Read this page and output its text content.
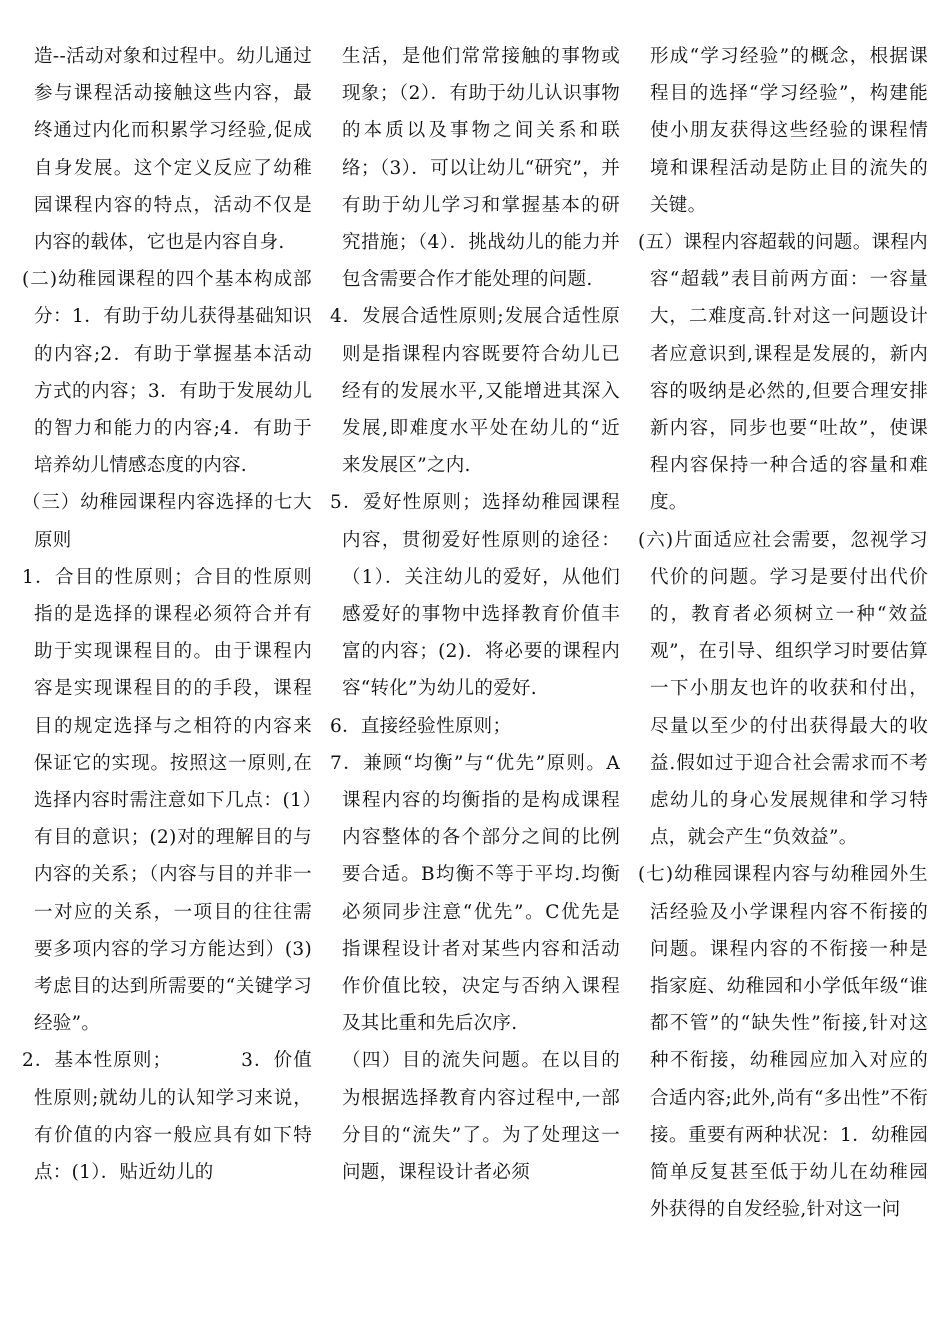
造--活动对象和过程中。幼儿通过参与课程活动接触这些内容，最终通过内化而积累学习经验,促成自身发展。这个定义反应了幼稚园课程内容的特点，活动不仅是内容的载体，它也是内容自身.

(二)幼稚园课程的四个基本构成部分：1．有助于幼儿获得基础知识的内容;2．有助于掌握基本活动方式的内容；3．有助于发展幼儿的智力和能力的内容;4．有助于培养幼儿情感态度的内容.

（三）幼稚园课程内容选择的七大原则

1．合目的性原则；合目的性原则指的是选择的课程必须符合并有助于实现课程目的。由于课程内容是实现课程目的的手段，课程目的规定选择与之相符的内容来保证它的实现。按照这一原则,在选择内容时需注意如下几点：(1）有目的意识；(2)对的理解目的与内容的关系；（内容与目的并非一一对应的关系，一项目的往往需要多项内容的学习方能达到）(3)考虑目的达到所需要的“关键学习经验”。

2．基本性原则；          3．价值性原则;就幼儿的认知学习来说，有价值的内容一般应具有如下特点：(1）．贴近幼儿的

生活，是他们常常接触的事物或现象；（2）．有助于幼儿认识事物的本质以及事物之间关系和联络；（3）．可以让幼儿“研究”，并有助于幼儿学习和掌握基本的研究措施；（4）．挑战幼儿的能力并包含需要合作才能处理的问题.

4．发展合适性原则;发展合适性原则是指课程内容既要符合幼儿已经有的发展水平,又能增进其深入发展,即难度水平处在幼儿的“近来发展区”之内.

5．爱好性原则；选择幼稚园课程内容，贯彻爱好性原则的途径：（1）．关注幼儿的爱好，从他们感爱好的事物中选择教育价值丰富的内容；(2)．将必要的课程内容“转化”为幼儿的爱好.

6．直接经验性原则；

7．兼顾“均衡”与“优先”原则。A课程内容的均衡指的是构成课程内容整体的各个部分之间的比例要合适。B均衡不等于平均.均衡必须同步注意“优先”。C优先是指课程设计者对某些内容和活动作价值比较，决定与否纳入课程及其比重和先后次序.

（四）目的流失问题。在以目的为根据选择教育内容过程中,一部分目的“流失”了。为了处理这一问题，课程设计者必须

形成“学习经验”的概念，根据课程目的选择“学习经验”，构建能使小朋友获得这些经验的课程情境和课程活动是防止目的流失的关键。

(五）课程内容超载的问题。课程内容“超载”表目前两方面：一容量大，二难度高.针对这一问题设计者应意识到,课程是发展的，新内容的吸纳是必然的,但要合理安排新内容，同步也要“吐故”，使课程内容保持一种合适的容量和难度。

(六)片面适应社会需要，忽视学习代价的问题。学习是要付出代价的，教育者必须树立一种“效益观”，在引导、组织学习时要估算一下小朋友也许的收获和付出，尽量以至少的付出获得最大的收益.假如过于迎合社会需求而不考虑幼儿的身心发展规律和学习特点，就会产生“负效益”。

(七)幼稚园课程内容与幼稚园外生活经验及小学课程内容不衔接的问题。课程内容的不衔接一种是指家庭、幼稚园和小学低年级“谁都不管”的“缺失性”衔接,针对这种不衔接，幼稚园应加入对应的合适内容;此外,尚有“多出性”不衔接。重要有两种状况：1．幼稚园简单反复甚至低于幼儿在幼稚园外获得的自发经验,针对这一问
